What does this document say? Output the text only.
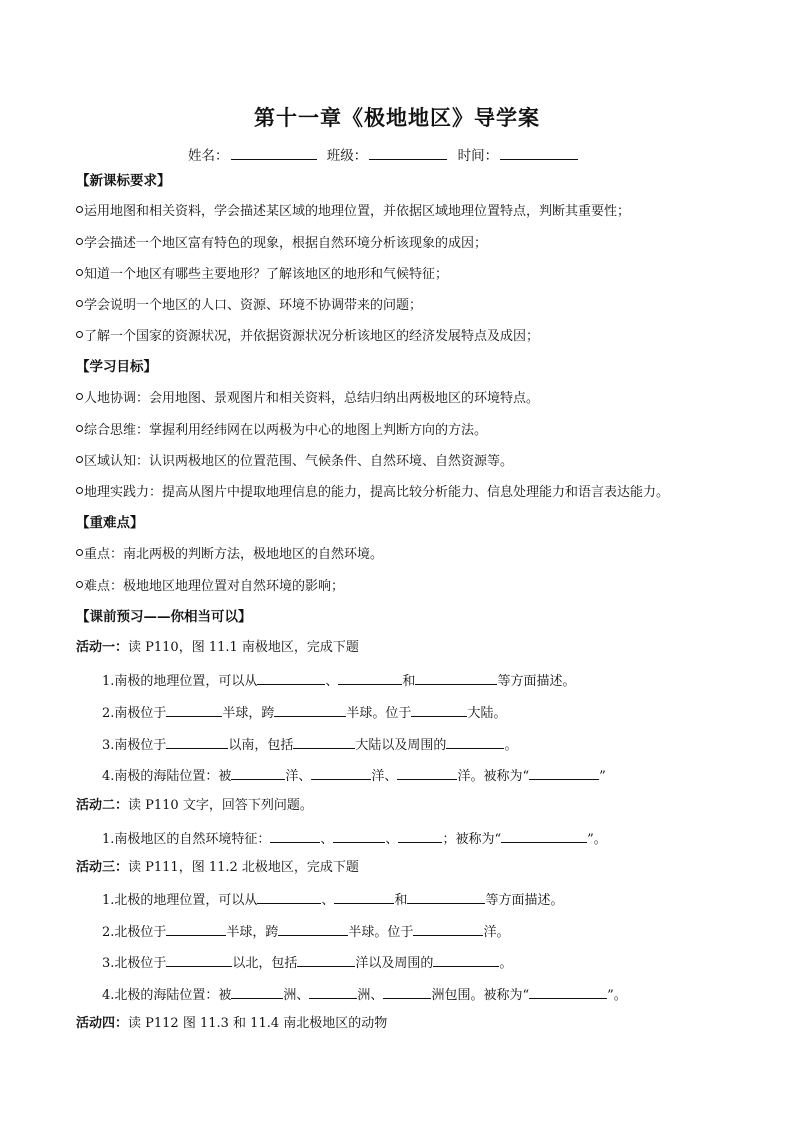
第十一章《极地地区》导学案
姓名：	班级：	时间：
【新课标要求】
运用地图和相关资料，学会描述某区域的地理位置，并依据区域地理位置特点，判断其重要性；
学会描述一个地区富有特色的现象，根据自然环境分析该现象的成因；
知道一个地区有哪些主要地形？了解该地区的地形和气候特征；
学会说明一个地区的人口、资源、环境不协调带来的问题；
了解一个国家的资源状况，并依据资源状况分析该地区的经济发展特点及成因；
【学习目标】
人地协调：会用地图、景观图片和相关资料，总结归纳出两极地区的环境特点。
综合思维：掌握利用经纬网在以两极为中心的地图上判断方向的方法。
区域认知：认识两极地区的位置范围、气候条件、自然环境、自然资源等。
地理实践力：提高从图片中提取地理信息的能力，提高比较分析能力、信息处理能力和语言表达能力。
【重难点】
重点：南北两极的判断方法，极地地区的自然环境。
难点：极地地区地理位置对自然环境的影响；
【课前预习——你相当可以】
活动一：读 P110，图 11.1 南极地区，完成下题
1.南极的地理位置，可以从	、	和	等方面描述。
2.南极位于	半球，跨	半球。位于	大陆。
3.南极位于	以南，包括	大陆以及周围的	。
4.南极的海陆位置：被	洋、	洋、	洋。被称为“	”
活动二：读 P110 文字，回答下列问题。
1.南极地区的自然环境特征：	、	、	；被称为“	”。
活动三：读 P111，图 11.2 北极地区，完成下题
1.北极的地理位置，可以从	、	和	等方面描述。
2.北极位于	半球，跨	半球。位于	洋。
3.北极位于	以北，包括	洋以及周围的	。
4.北极的海陆位置：被	洲、	洲、	洲包围。被称为“	”。
活动四：读 P112 图 11.3 和 11.4 南北极地区的动物
